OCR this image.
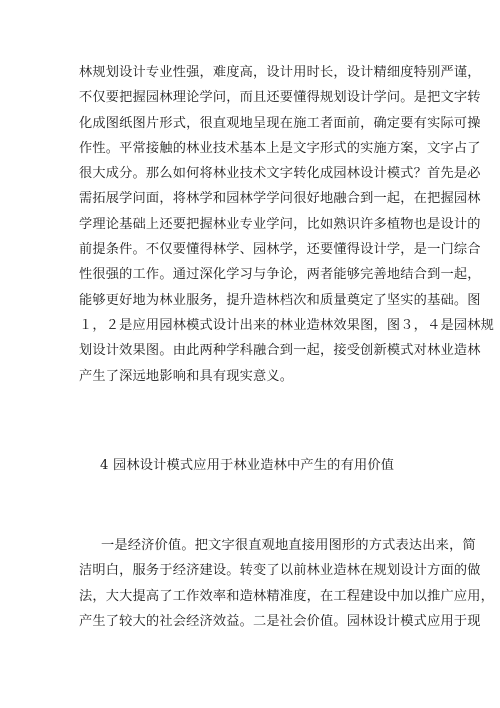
林规划设计专业性强，难度高，设计用时长，设计精细度特别严谨，
不仅要把握园林理论学问，而且还要懂得规划设计学问。是把文字转
化成图纸图片形式，很直观地呈现在施工者面前，确定要有实际可操
作性。平常接触的林业技术基本上是文字形式的实施方案，文字占了
很大成分。那么如何将林业技术文字转化成园林设计模式？首先是必
需拓展学问面，将林学和园林学学问很好地融合到一起，在把握园林
学理论基础上还要把握林业专业学问，比如熟识许多植物也是设计的
前提条件。不仅要懂得林学、园林学，还要懂得设计学，是一门综合
性很强的工作。通过深化学习与争论，两者能够完善地结合到一起，
能够更好地为林业服务，提升造林档次和质量奠定了坚实的基础。图
１，２是应用园林模式设计出来的林业造林效果图，图３，４是园林规
划设计效果图。由此两种学科融合到一起，接受创新模式对林业造林
产生了深远地影响和具有现实意义。
4 园林设计模式应用于林业造林中产生的有用价值
一是经济价值。把文字很直观地直接用图形的方式表达出来，简
洁明白，服务于经济建设。转变了以前林业造林在规划设计方面的做
法，大大提高了工作效率和造林精准度，在工程建设中加以推广应用，
产生了较大的社会经济效益。二是社会价值。园林设计模式应用于现
